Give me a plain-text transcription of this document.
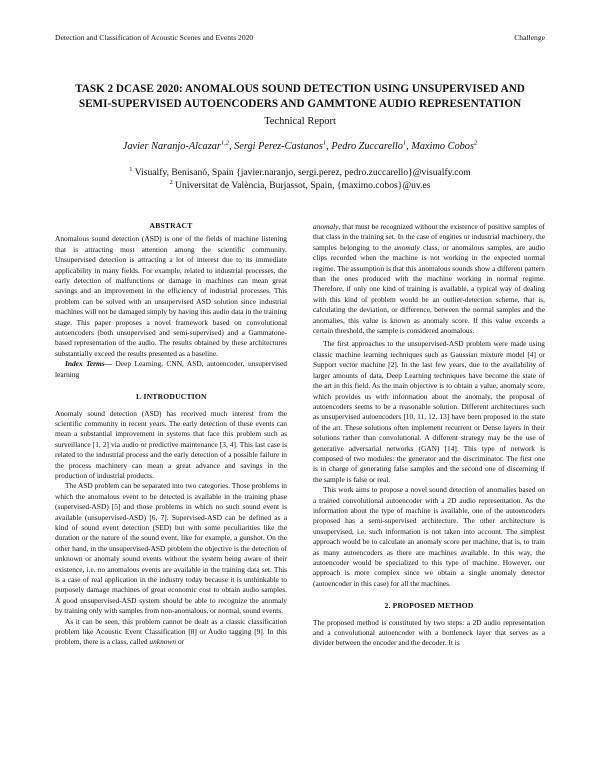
Detection and Classification of Acoustic Scenes and Events 2020	Challenge
TASK 2 DCASE 2020: ANOMALOUS SOUND DETECTION USING UNSUPERVISED AND
SEMI-SUPERVISED AUTOENCODERS AND GAMMTONE AUDIO REPRESENTATION
Technical Report
Javier Naranjo-Alcazar$^{1,2}$, Sergi Perez-Castanos$^1$, Pedro Zuccarello$^1$, Maximo Cobos$^2$
$^1$ Visualfy, Benisanó, Spain {javier.naranjo, sergi.perez, pedro.zuccarello}@visualfy.com
$^2$ Universitat de València, Burjassot, Spain, {maximo.cobos}@uv.es
ABSTRACT

Anomalous sound detection (ASD) is one of the fields of machine listening that is attracting most attention among the scientific community. Unsupervised detection is attracting a lot of interest due to its immediate applicability in many fields. For example, related to industrial processes, the early detection of malfunctions or damage in machines can mean great savings and an improvement in the efficiency of industrial processes. This problem can be solved with an unsupervised ASD solution since industrial machines will not be damaged simply by having this audio data in the training stage. This paper proposes a novel framework based on convolutional autoencoders (both unsupervised and semi-supervised) and a Gammatone-based representation of the audio. The results obtained by these architectures substantially exceed the results presented as a baseline.

Index Terms— Deep Learning, CNN, ASD, autoencoder, unsupervised learning

1. INTRODUCTION

Anomaly sound detection (ASD) has received much interest from the scientific community in recent years. The early detection of these events can mean a substantial improvement in systems that face this problem such as surveillance [1, 2] via audio or predictive maintenance [3, 4]. This last case is related to the industrial process and the early detection of a possible failure in the process machinery can mean a great advance and savings in the production of industrial products.

The ASD problem can be separated into two categories. Those problems in which the anomalous event to be detected is available in the training phase (supervised-ASD) [5] and those problems in which no such sound event is available (unsupervised-ASD) [6, 7]. Supervised-ASD can be defined as a kind of sound event detection (SED) but with some peculiarities like the duration or the nature of the sound event, like for example, a gunshot. On the other hand, in the unsupervised-ASD problem the objective is the detection of unknown or anomaly sound events without the system being aware of their existence, i.e. no anomalous events are available in the training data set. This is a case of real application in the industry today because it is unthinkable to purposely damage machines of great economic cost to obtain audio samples. A good unsupervised-ASD system should be able to recognize the anomaly by training only with samples from non-anomalous, or normal, sound events.

As it can be seen, this problem cannot be dealt as a classic classification problem like Acoustic Event Classification [8] or Audio tagging [9]. In this problem, there is a class, called unknown or

anomaly, that must be recognized without the existence of positive samples of that class in the training set. In the case of engines or industrial machinery, the samples belonging to the anomaly class, or anomalous samples, are audio clips recorded when the machine is not working in the expected normal regime. The assumption is that this anomalous sounds show a different pattern than the ones produced with the machine working in normal regime. Therefore, if only one kind of training is available, a typical way of dealing with this kind of problem would be an outlier-detection scheme, that is, calculating the deviation, or difference, between the normal samples and the anomalies, this value is known as anomaly score. If this value exceeds a certain threshold, the sample is considered anomalous.

The first approaches to the unsupervised-ASD problem were made using classic machine learning techniques such as Gaussian mixture model [4] or Support vector machine [2]. In the last few years, due to the availability of larger amounts of data, Deep Learning techniques have become the state of the art in this field. As the main objective is to obtain a value, anomaly score, which provides us with information about the anomaly, the proposal of autoencoders seems to be a reasonable solution. Different architectures such as unsupervised autoencoders [10, 11, 12, 13] have been proposed in the state of the art. These solutions often implement recurrent or Dense layers in their solutions rather than convolutional. A different strategy may be the use of generative adversarial networks (GAN) [14]. This type of network is composed of two modules: the generator and the discriminator. The first one is in charge of generating false samples and the second one of discerning if the sample is false or real.

This work aims to propose a novel sound detection of anomalies based on a trained convolutional autoencoder with a 2D audio representation. As the information about the type of machine is available, one of the autoencoders proposed has a semi-supervised architecture. The other architecture is unsupervised, i.e. such information is not taken into account. The simplest approach would be to calculate an anomaly score per machine, that is, to train as many autoencoders as there are machines available. In this way, the autoencoder would be specialized to this type of machine. However, our approach is more complex since we obtain a single anomaly detector (autoencoder in this case) for all the machines.

2. PROPOSED METHOD

The proposed method is constituted by two steps: a 2D audio representation and a convolutional autoencoder with a bottleneck layer that serves as a divider between the encoder and the decoder. It is
